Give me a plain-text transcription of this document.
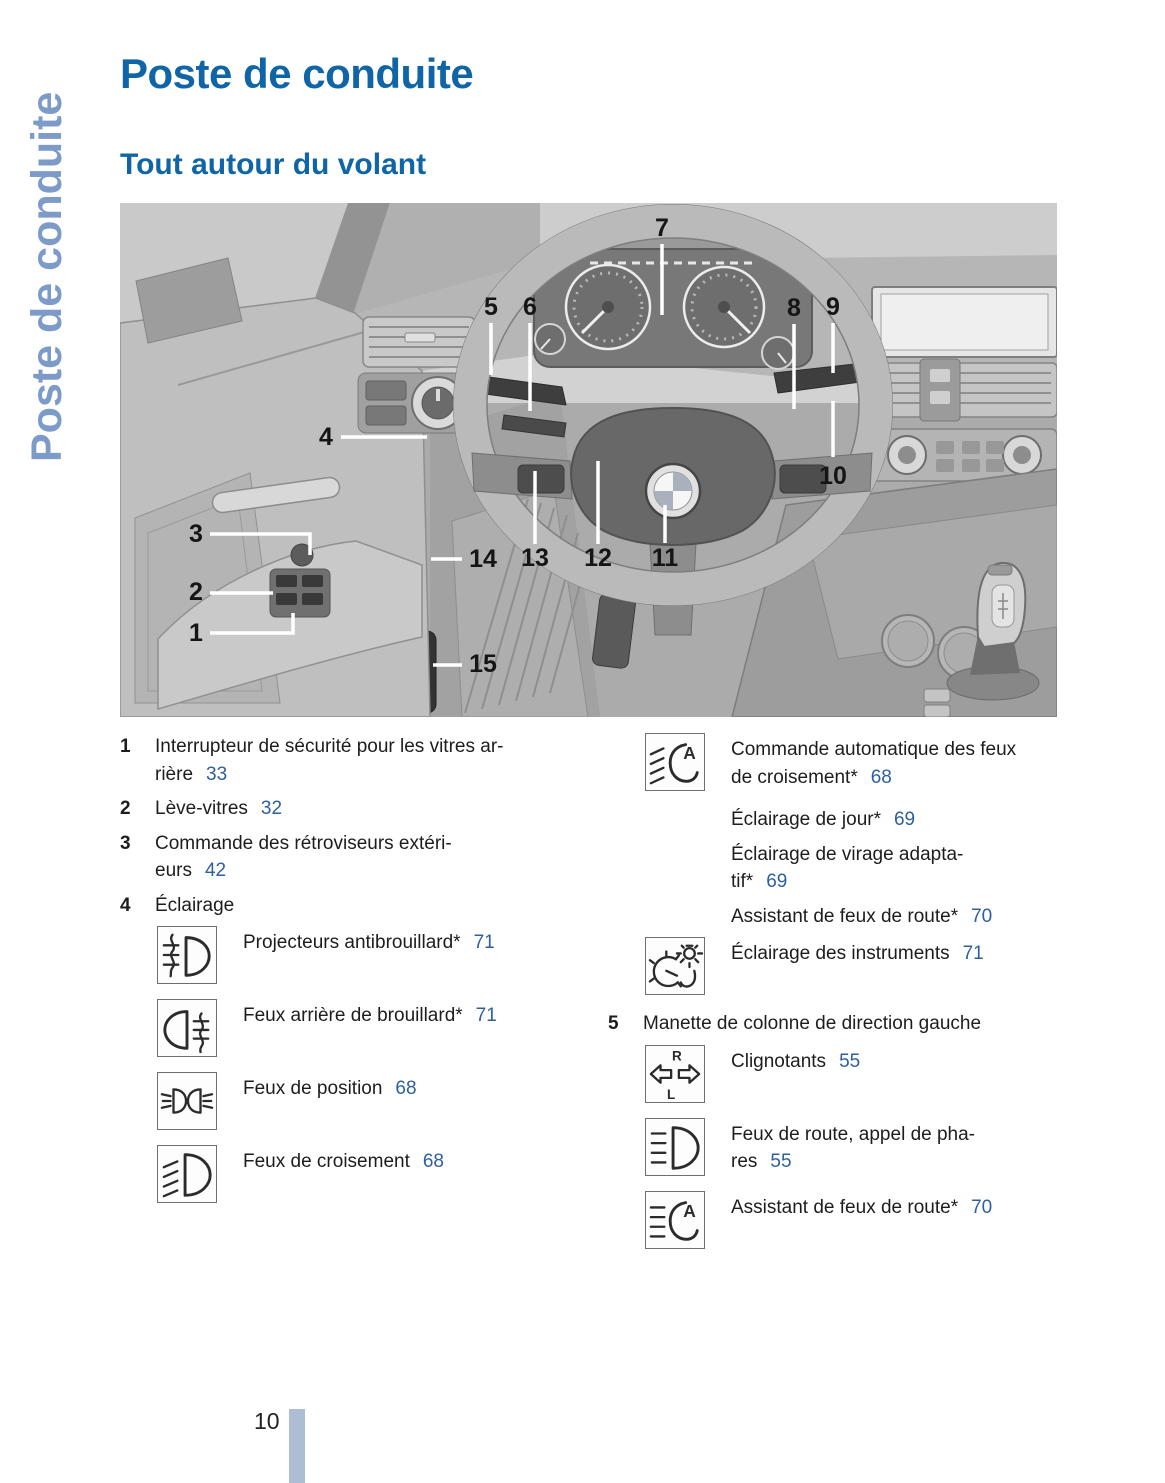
Poste de conduite
Poste de conduite
Tout autour du volant
1
2
3
4
5 6
7
8 9
10
11
12
13
14
15
1	Interrupteur de sécurité pour les vitres ar-
rière 33
2	Lève-vitres 32
3	Commande des rétroviseurs extéri-
eurs 42
4	Éclairage
Projecteurs antibrouillard* 71
Feux arrière de brouillard* 71
Feux de position 68
Feux de croisement 68
A Commande automatique des feux
de croisement* 68
Éclairage de jour* 69
Éclairage de virage adapta-
tif* 69
Assistant de feux de route* 70
Éclairage des instruments 71
5	Manette de colonne de direction gauche
R
L
Clignotants 55
Feux de route, appel de pha-
res 55
A Assistant de feux de route* 70
10
